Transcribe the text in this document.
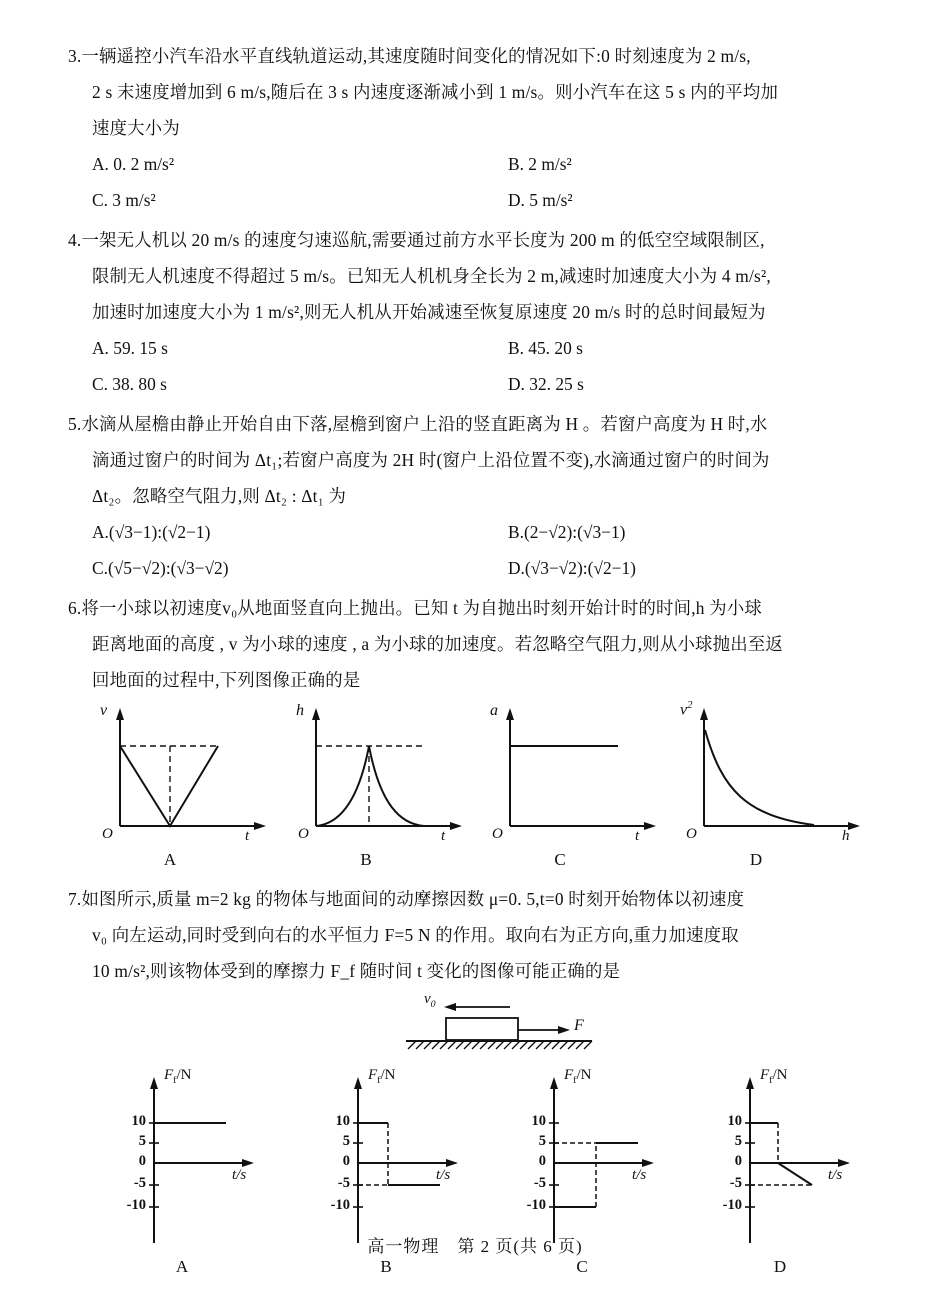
3.一辆遥控小汽车沿水平直线轨道运动,其速度随时间变化的情况如下:0 时刻速度为 2 m/s,
2 s 末速度增加到 6 m/s,随后在 3 s 内速度逐渐减小到 1 m/s。则小汽车在这 5 s 内的平均加
速度大小为
A. 0. 2 m/s²	B. 2 m/s²
C. 3 m/s²	D. 5 m/s²
4.一架无人机以 20 m/s 的速度匀速巡航,需要通过前方水平长度为 200 m 的低空空域限制区,
限制无人机速度不得超过 5 m/s。已知无人机机身全长为 2 m,减速时加速度大小为 4 m/s²,
加速时加速度大小为 1 m/s²,则无人机从开始减速至恢复原速度 20 m/s 时的总时间最短为
A. 59. 15 s	B. 45. 20 s
C. 38. 80 s	D. 32. 25 s
5.水滴从屋檐由静止开始自由下落,屋檐到窗户上沿的竖直距离为 H 。若窗户高度为 H 时,水
滴通过窗户的时间为 Δt₁;若窗户高度为 2H 时(窗户上沿位置不变),水滴通过窗户的时间为
Δt₂。忽略空气阻力,则 Δt₂ : Δt₁ 为
A.(√3−1):(√2−1)	B.(2−√2):(√3−1)
C.(√5−√2):(√3−√2)	D.(√3−√2):(√2−1)
6.将一小球以初速度v₀从地面竖直向上抛出。已知 t 为自抛出时刻开始计时的时间,h 为小球
距离地面的高度 , v 为小球的速度 , a 为小球的加速度。若忽略空气阻力,则从小球抛出至返
回地面的过程中,下列图像正确的是
v
t
O
A
h
t
O
B
a
t
O
C
$v^2$
h
O
D
7.如图所示,质量 m=2 kg 的物体与地面间的动摩擦因数 μ=0. 5,t=0 时刻开始物体以初速度
v₀ 向左运动,同时受到向右的水平恒力 F=5 N 的作用。取向右为正方向,重力加速度取
10 m/s²,则该物体受到的摩擦力 F_f 随时间 t 变化的图像可能正确的是
$v_0$
F
$F_f/N$
t/s
10
5
0
-5
-10
A
$F_f/N$
t/s
10
5
0
-5
-10
B
$F_f/N$
t/s
10
5
0
-5
-10
C
$F_f/N$
t/s
10
5
0
-5
-10
D
高一物理　第 2 页(共 6 页)
